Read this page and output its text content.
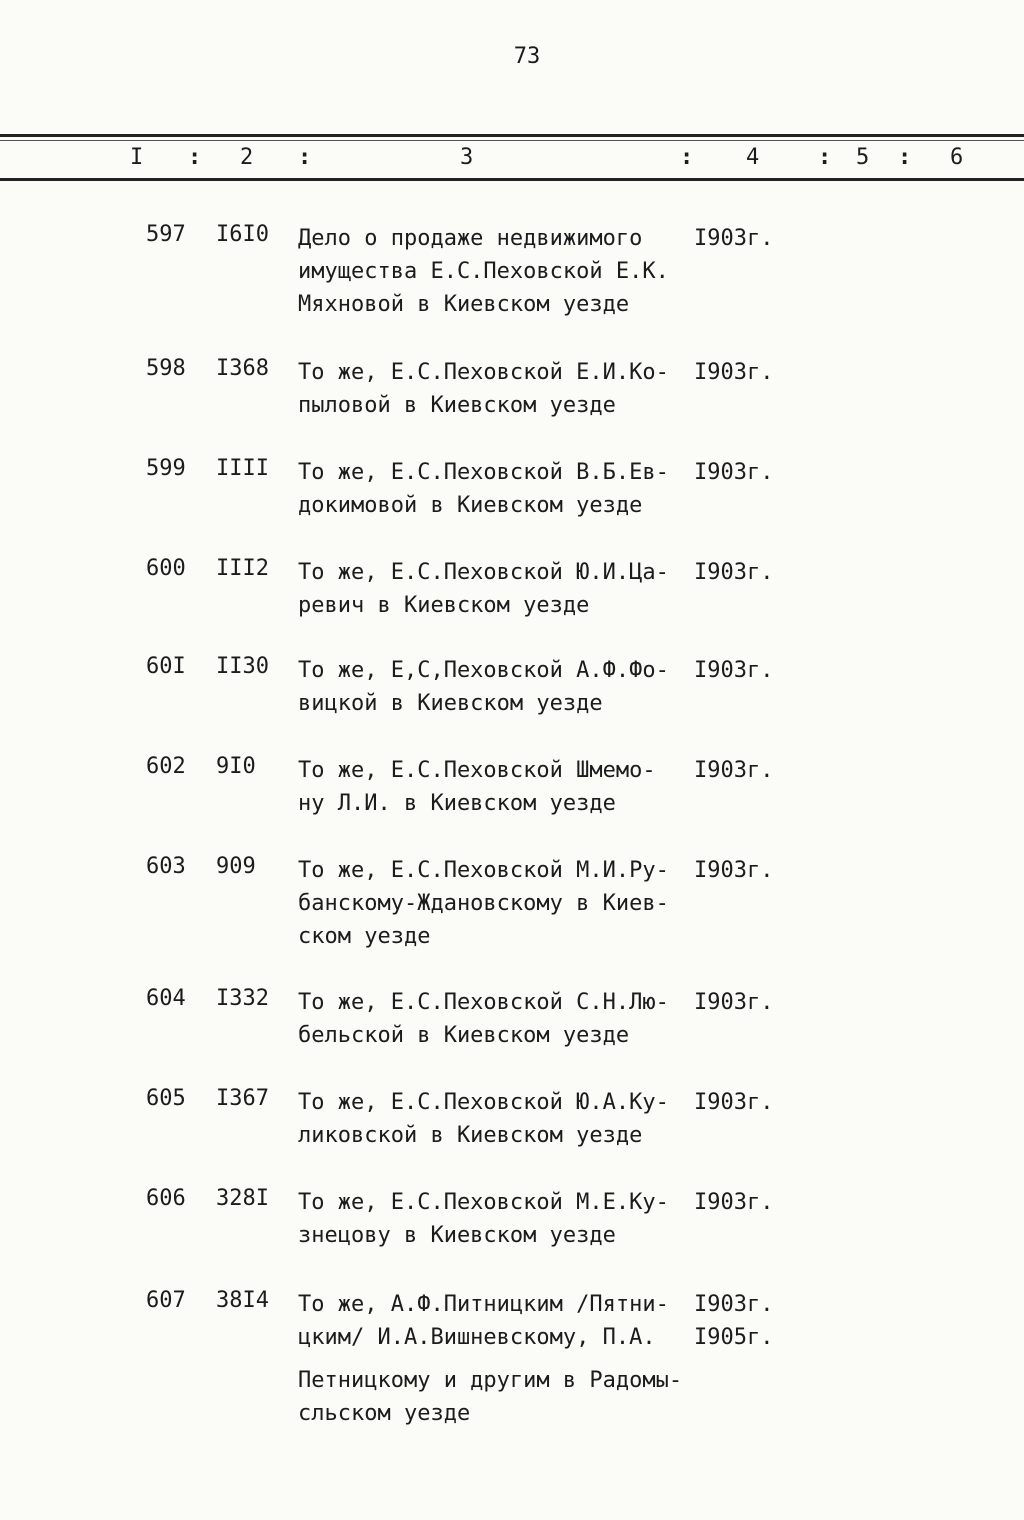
73
I : 2 :	3	: 4	: 5 : 6
597 I6I0 Дело о продаже недвижимого
имущества Е.С.Пеховской Е.К.
Мяхновой в Киевском уезде
I903г.
598 I368 То же, Е.С.Пеховской Е.И.Ко-
пыловой в Киевском уезде
I903г.
599 IIII То же, Е.С.Пеховской В.Б.Ев-
докимовой в Киевском уезде
I903г.
600 III2 То же, Е.С.Пеховской Ю.И.Ца-
ревич в Киевском уезде
I903г.
60I II30 То же, Е,С,Пеховской А.Ф.Фо-
вицкой в Киевском уезде
I903г.
602 9I0 То же, Е.С.Пеховской Шмемо-
ну Л.И. в Киевском уезде
I903г.
603 909 То же, Е.С.Пеховской М.И.Ру-
банскому-Ждановскому в Киев-
ском уезде
I903г.
604 I332 То же, Е.С.Пеховской С.Н.Лю-
бельской в Киевском уезде
I903г.
605 I367 То же, Е.С.Пеховской Ю.А.Ку-
ликовской в Киевском уезде
I903г.
606 328I То же, Е.С.Пеховской М.Е.Ку-
знецову в Киевском уезде
I903г.
607 38I4 То же, А.Ф.Питницким /Пятни-
цким/ И.А.Вишневскому, П.А.
Петницкому и другим в Радомы-
сльском уезде
I903г.
I905г.
